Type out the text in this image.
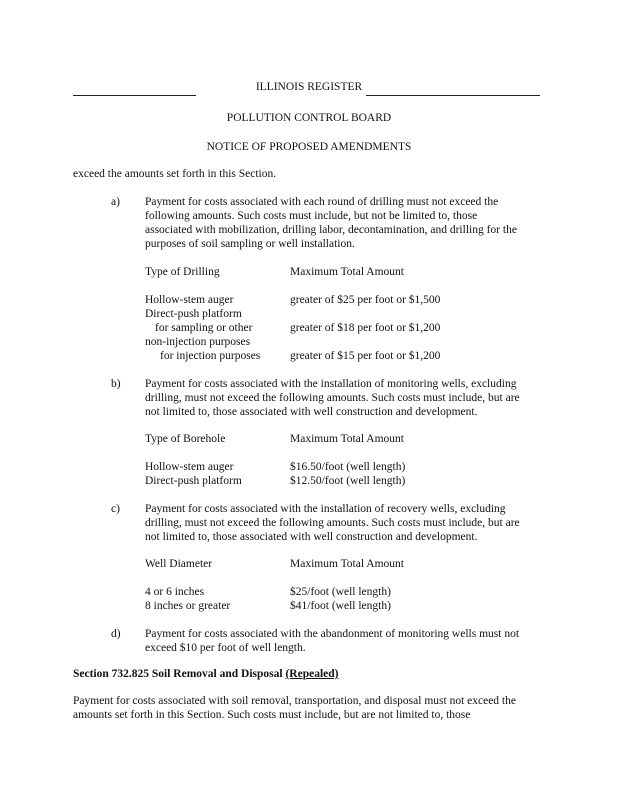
ILLINOIS REGISTER
POLLUTION CONTROL BOARD
NOTICE OF PROPOSED AMENDMENTS
exceed the amounts set forth in this Section.
a) Payment for costs associated with each round of drilling must not exceed the
following amounts. Such costs must include, but not be limited to, those
associated with mobilization, drilling labor, decontamination, and drilling for the
purposes of soil sampling or well installation.
Type of Drilling	Maximum Total Amount
Hollow-stem auger	greater of $25 per foot or $1,500
Direct-push platform
for sampling or other	greater of $18 per foot or $1,200
non-injection purposes
for injection purposes	greater of $15 per foot or $1,200
b) Payment for costs associated with the installation of monitoring wells, excluding
drilling, must not exceed the following amounts. Such costs must include, but are
not limited to, those associated with well construction and development.
Type of Borehole	Maximum Total Amount
Hollow-stem auger	$16.50/foot (well length)
Direct-push platform	$12.50/foot (well length)
c) Payment for costs associated with the installation of recovery wells, excluding
drilling, must not exceed the following amounts. Such costs must include, but are
not limited to, those associated with well construction and development.
Well Diameter	Maximum Total Amount
4 or 6 inches	$25/foot (well length)
8 inches or greater	$41/foot (well length)
d) Payment for costs associated with the abandonment of monitoring wells must not
exceed $10 per foot of well length.
Section 732.825 Soil Removal and Disposal (Repealed)
Payment for costs associated with soil removal, transportation, and disposal must not exceed the
amounts set forth in this Section. Such costs must include, but are not limited to, those
